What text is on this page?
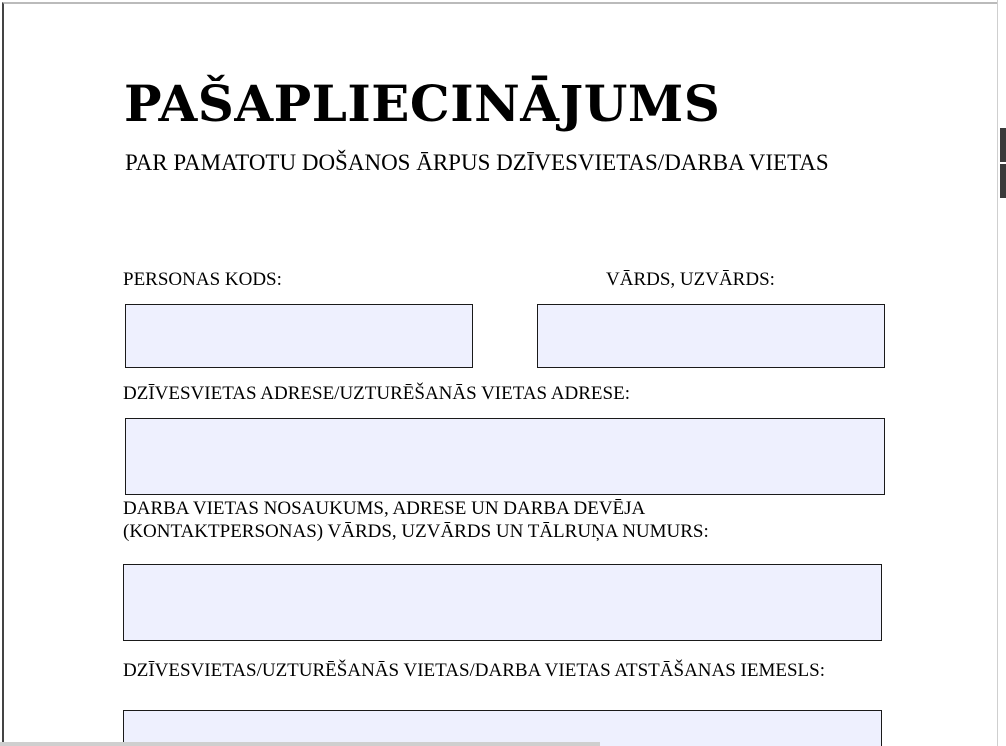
PAŠAPLIECINĀJUMS

PAR PAMATOTU DOŠANOS ĀRPUS DZĪVESVIETAS/DARBA VIETAS

PERSONAS KODS:	VĀRDS, UZVĀRDS:

DZĪVESVIETAS ADRESE/UZTURĒŠANĀS VIETAS ADRESE:

DARBA VIETAS NOSAUKUMS, ADRESE UN DARBA DEVĒJA (KONTAKTPERSONAS) VĀRDS, UZVĀRDS UN TĀLRUŅA NUMURS:

DZĪVESVIETAS/UZTURĒŠANĀS VIETAS/DARBA VIETAS ATSTĀŠANAS IEMESLS:
